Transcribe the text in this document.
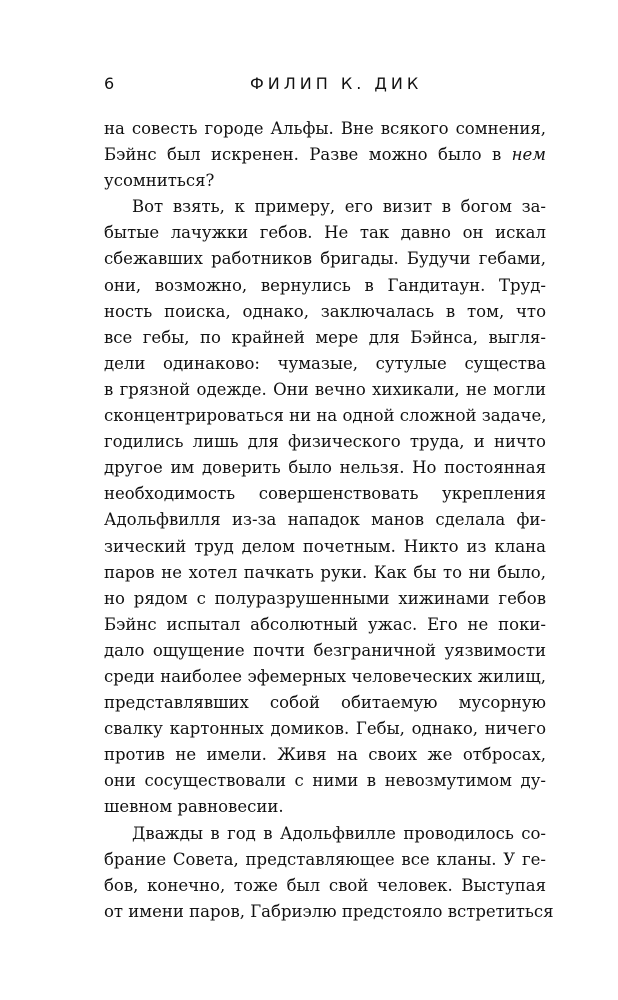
6	ФИЛИП К. ДИК

на совесть городе Альфы. Вне всякого сомнения,
Бэйнс был искренен. Разве можно было в нем
усомниться?

Вот взять, к примеру, его визит в богом за-
бытые лачужки гебов. Не так давно он искал
сбежавших работников бригады. Будучи гебами,
они, возможно, вернулись в Гандитаун. Труд-
ность поиска, однако, заключалась в том, что
все гебы, по крайней мере для Бэйнса, выгля-
дели одинаково: чумазые, сутулые существа
в грязной одежде. Они вечно хихикали, не могли
сконцентрироваться ни на одной сложной задаче,
годились лишь для физического труда, и ничто
другое им доверить было нельзя. Но постоянная
необходимость совершенствовать укрепления
Адольфвилля из-за нападок манов сделала фи-
зический труд делом почетным. Никто из клана
паров не хотел пачкать руки. Как бы то ни было,
но рядом с полуразрушенными хижинами гебов
Бэйнс испытал абсолютный ужас. Его не поки-
дало ощущение почти безграничной уязвимости
среди наиболее эфемерных человеческих жилищ,
представлявших собой обитаемую мусорную
свалку картонных домиков. Гебы, однако, ничего
против не имели. Живя на своих же отбросах,
они сосуществовали с ними в невозмутимом ду-
шевном равновесии.

Дважды в год в Адольфвилле проводилось со-
брание Совета, представляющее все кланы. У ге-
бов, конечно, тоже был свой человек. Выступая
от имени паров, Габриэлю предстояло встретиться
